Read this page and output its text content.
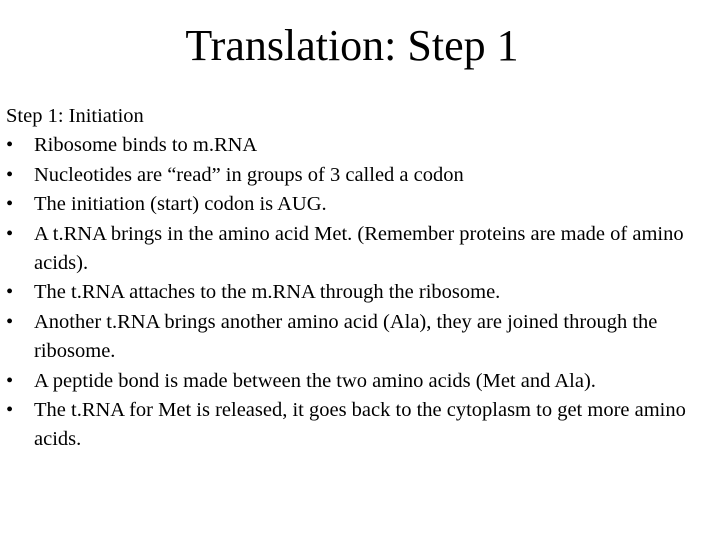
Translation: Step 1
Step 1: Initiation
•	Ribosome binds to m.RNA
•	Nucleotides are “read” in groups of 3 called a codon
•	The initiation (start) codon is AUG.
•	A t.RNA brings in the amino acid Met. (Remember proteins are made of amino acids).
•	The t.RNA attaches to the m.RNA through the ribosome.
•	Another t.RNA brings another amino acid (Ala), they are joined through the ribosome.
•	A peptide bond is made between the two amino acids (Met and Ala).
•	The t.RNA for Met is released, it goes back to the cytoplasm to get more amino acids.
